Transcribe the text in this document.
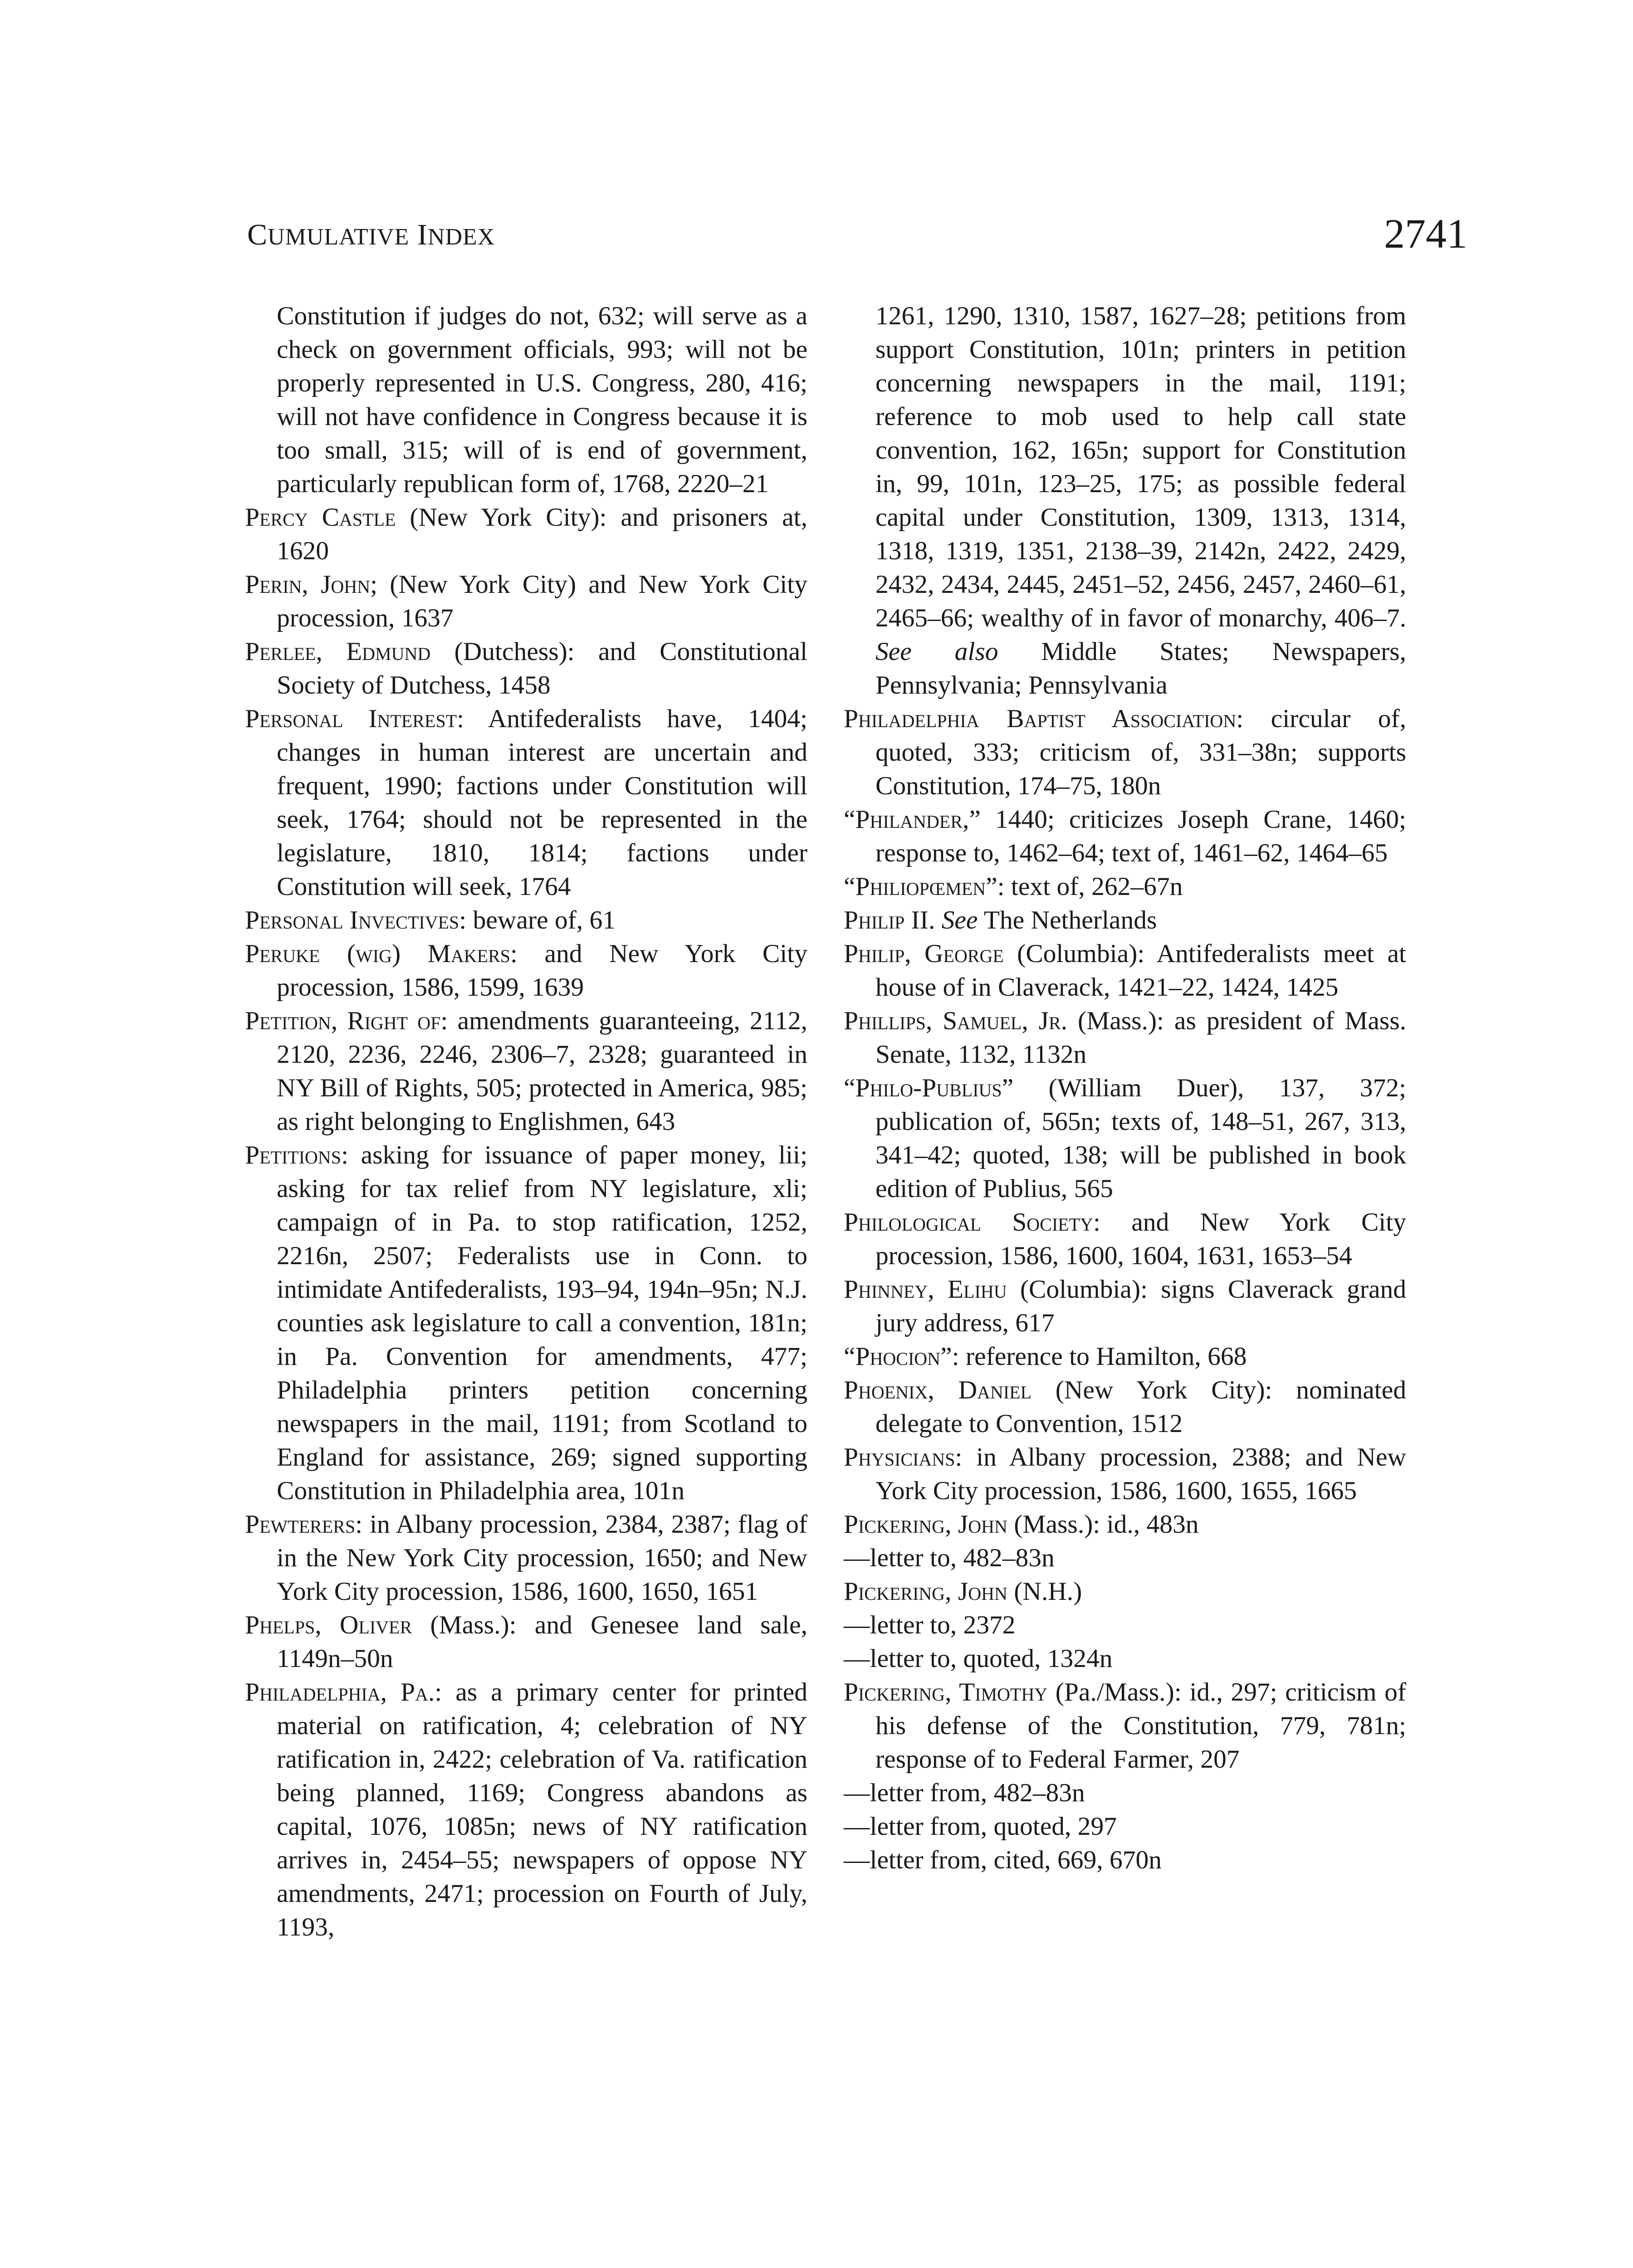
CUMULATIVE INDEX	2741

Constitution if judges do not, 632; will serve as a check on government officials, 993; will not be properly represented in U.S. Congress, 280, 416; will not have confidence in Congress because it is too small, 315; will of is end of government, particularly republican form of, 1768, 2220–21

Percy Castle (New York City): and prisoners at, 1620

Perin, John; (New York City) and New York City procession, 1637

Perlee, Edmund (Dutchess): and Constitutional Society of Dutchess, 1458

Personal Interest: Antifederalists have, 1404; changes in human interest are uncertain and frequent, 1990; factions under Constitution will seek, 1764; should not be represented in the legislature, 1810, 1814; factions under Constitution will seek, 1764

Personal Invectives: beware of, 61

Peruke (wig) Makers: and New York City procession, 1586, 1599, 1639

Petition, Right of: amendments guaranteeing, 2112, 2120, 2236, 2246, 2306–7, 2328; guaranteed in NY Bill of Rights, 505; protected in America, 985; as right belonging to Englishmen, 643

Petitions: asking for issuance of paper money, lii; asking for tax relief from NY legislature, xli; campaign of in Pa. to stop ratification, 1252, 2216n, 2507; Federalists use in Conn. to intimidate Antifederalists, 193–94, 194n–95n; N.J. counties ask legislature to call a convention, 181n; in Pa. Convention for amendments, 477; Philadelphia printers petition concerning newspapers in the mail, 1191; from Scotland to England for assistance, 269; signed supporting Constitution in Philadelphia area, 101n

Pewterers: in Albany procession, 2384, 2387; flag of in the New York City procession, 1650; and New York City procession, 1586, 1600, 1650, 1651

Phelps, Oliver (Mass.): and Genesee land sale, 1149n–50n

Philadelphia, Pa.: as a primary center for printed material on ratification, 4; celebration of NY ratification in, 2422; celebration of Va. ratification being planned, 1169; Congress abandons as capital, 1076, 1085n; news of NY ratification arrives in, 2454–55; newspapers of oppose NY amendments, 2471; procession on Fourth of July, 1193,

1261, 1290, 1310, 1587, 1627–28; petitions from support Constitution, 101n; printers in petition concerning newspapers in the mail, 1191; reference to mob used to help call state convention, 162, 165n; support for Constitution in, 99, 101n, 123–25, 175; as possible federal capital under Constitution, 1309, 1313, 1314, 1318, 1319, 1351, 2138–39, 2142n, 2422, 2429, 2432, 2434, 2445, 2451–52, 2456, 2457, 2460–61, 2465–66; wealthy of in favor of monarchy, 406–7. See also Middle States; Newspapers, Pennsylvania; Pennsylvania

Philadelphia Baptist Association: circular of, quoted, 333; criticism of, 331–38n; supports Constitution, 174–75, 180n

“Philander,” 1440; criticizes Joseph Crane, 1460; response to, 1462–64; text of, 1461–62, 1464–65

“Philiopœmen”: text of, 262–67n

Philip II. See The Netherlands

Philip, George (Columbia): Antifederalists meet at house of in Claverack, 1421–22, 1424, 1425

Phillips, Samuel, Jr. (Mass.): as president of Mass. Senate, 1132, 1132n

“Philo-Publius” (William Duer), 137, 372; publication of, 565n; texts of, 148–51, 267, 313, 341–42; quoted, 138; will be published in book edition of Publius, 565

Philological Society: and New York City procession, 1586, 1600, 1604, 1631, 1653–54

Phinney, Elihu (Columbia): signs Claverack grand jury address, 617

“Phocion”: reference to Hamilton, 668

Phoenix, Daniel (New York City): nominated delegate to Convention, 1512

Physicians: in Albany procession, 2388; and New York City procession, 1586, 1600, 1655, 1665

Pickering, John (Mass.): id., 483n

—letter to, 482–83n

Pickering, John (N.H.)

—letter to, 2372

—letter to, quoted, 1324n

Pickering, Timothy (Pa./Mass.): id., 297; criticism of his defense of the Constitution, 779, 781n; response of to Federal Farmer, 207

—letter from, 482–83n

—letter from, quoted, 297

—letter from, cited, 669, 670n
